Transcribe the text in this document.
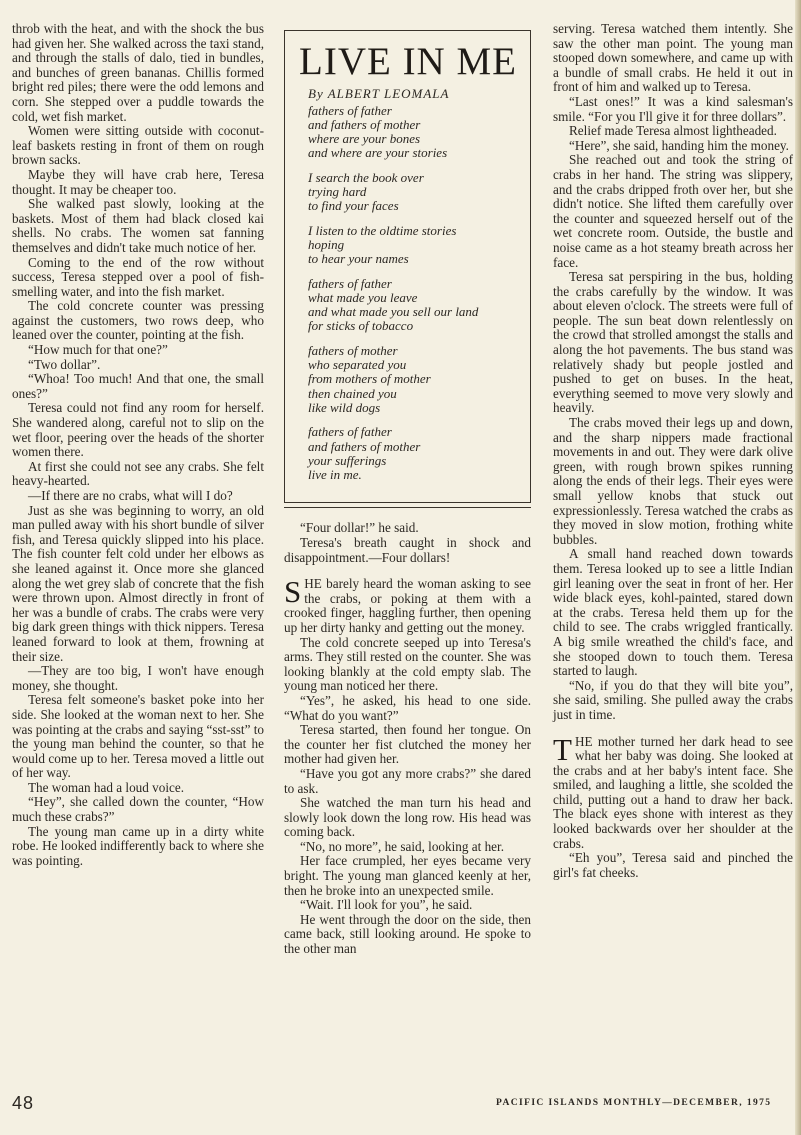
throb with the heat, and with the shock the bus had given her. She walked across the taxi stand, and through the stalls of dalo, tied in bundles, and bunches of green bananas. Chillis formed bright red piles; there were the odd lemons and corn. She stepped over a puddle towards the cold, wet fish market.

Women were sitting outside with coconut-leaf baskets resting in front of them on rough brown sacks.

Maybe they will have crab here, Teresa thought. It may be cheaper too.

She walked past slowly, looking at the baskets. Most of them had black closed kai shells. No crabs. The women sat fanning themselves and didn't take much notice of her.

Coming to the end of the row without success, Teresa stepped over a pool of fish-smelling water, and into the fish market.

The cold concrete counter was pressing against the customers, two rows deep, who leaned over the counter, pointing at the fish.

“How much for that one?”

“Two dollar”.

“Whoa! Too much! And that one, the small ones?”

Teresa could not find any room for herself. She wandered along, careful not to slip on the wet floor, peering over the heads of the shorter women there.

At first she could not see any crabs. She felt heavy-hearted.

—If there are no crabs, what will I do?

Just as she was beginning to worry, an old man pulled away with his short bundle of silver fish, and Teresa quickly slipped into his place. The fish counter felt cold under her elbows as she leaned against it. Once more she glanced along the wet grey slab of concrete that the fish were thrown upon. Almost directly in front of her was a bundle of crabs. The crabs were very big dark green things with thick nippers. Teresa leaned forward to look at them, frowning at their size.

—They are too big, I won't have enough money, she thought.

Teresa felt someone's basket poke into her side. She looked at the woman next to her. She was pointing at the crabs and saying “sst-sst” to the young man behind the counter, so that he would come up to her. Teresa moved a little out of her way.

The woman had a loud voice.

“Hey”, she called down the counter, “How much these crabs?”

The young man came up in a dirty white robe. He looked indifferently back to where she was pointing.

LIVE IN ME
By ALBERT LEOMALA
fathers of father
and fathers of mother
where are your bones
and where are your stories
I search the book over
trying hard
to find your faces
I listen to the oldtime stories
hoping
to hear your names
fathers of father
what made you leave
and what made you sell our land
for sticks of tobacco
fathers of mother
who separated you
from mothers of mother
then chained you
like wild dogs
fathers of father
and fathers of mother
your sufferings
live in me.

“Four dollar!” he said.

Teresa's breath caught in shock and disappointment.—Four dollars!

SHE barely heard the woman asking to see the crabs, or poking at them with a crooked finger, haggling further, then opening up her dirty hanky and getting out the money.

The cold concrete seeped up into Teresa's arms. They still rested on the counter. She was looking blankly at the cold empty slab. The young man noticed her there.

“Yes”, he asked, his head to one side. “What do you want?”

Teresa started, then found her tongue. On the counter her fist clutched the money her mother had given her.

“Have you got any more crabs?” she dared to ask.

She watched the man turn his head and slowly look down the long row. His head was coming back.

“No, no more”, he said, looking at her.

Her face crumpled, her eyes became very bright. The young man glanced keenly at her, then he broke into an unexpected smile.

“Wait. I'll look for you”, he said.

He went through the door on the side, then came back, still looking around. He spoke to the other man

serving. Teresa watched them intently. She saw the other man point. The young man stooped down somewhere, and came up with a bundle of small crabs. He held it out in front of him and walked up to Teresa.

“Last ones!” It was a kind salesman's smile. “For you I'll give it for three dollars”.

Relief made Teresa almost lightheaded.

“Here”, she said, handing him the money.

She reached out and took the string of crabs in her hand. The string was slippery, and the crabs dripped froth over her, but she didn't notice. She lifted them carefully over the counter and squeezed herself out of the wet concrete room. Outside, the bustle and noise came as a hot steamy breath across her face.

Teresa sat perspiring in the bus, holding the crabs carefully by the window. It was about eleven o'clock. The streets were full of people. The sun beat down relentlessly on the crowd that strolled amongst the stalls and along the hot pavements. The bus stand was relatively shady but people jostled and pushed to get on buses. In the heat, everything seemed to move very slowly and heavily.

The crabs moved their legs up and down, and the sharp nippers made fractional movements in and out. They were dark olive green, with rough brown spikes running along the ends of their legs. Their eyes were small yellow knobs that stuck out expressionlessly. Teresa watched the crabs as they moved in slow motion, frothing white bubbles.

A small hand reached down towards them. Teresa looked up to see a little Indian girl leaning over the seat in front of her. Her wide black eyes, kohl-painted, stared down at the crabs. Teresa held them up for the child to see. The crabs wriggled frantically. A big smile wreathed the child's face, and she stooped down to touch them. Teresa started to laugh.

“No, if you do that they will bite you”, she said, smiling. She pulled away the crabs just in time.

THE mother turned her dark head to see what her baby was doing. She looked at the crabs and at her baby's intent face. She smiled, and laughing a little, she scolded the child, putting out a hand to draw her back. The black eyes shone with interest as they looked backwards over her shoulder at the crabs.

“Eh you”, Teresa said and pinched the girl's fat cheeks.

48	PACIFIC ISLANDS MONTHLY—DECEMBER, 1975
